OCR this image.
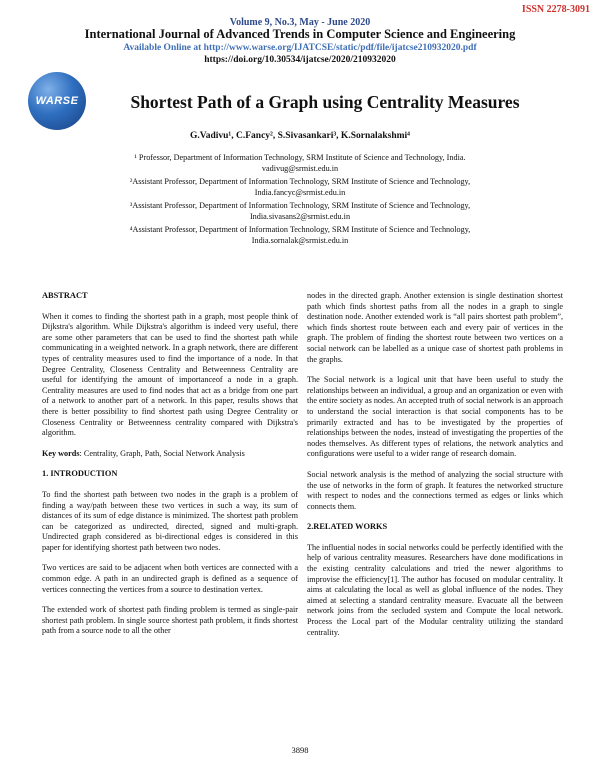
ISSN 2278-3091
Volume 9, No.3, May - June 2020
International Journal of Advanced Trends in Computer Science and Engineering
Available Online at http://www.warse.org/IJATCSE/static/pdf/file/ijatcse210932020.pdf
https://doi.org/10.30534/ijatcse/2020/210932020
WARSE	Shortest Path of a Graph using Centrality Measures
G.Vadivu¹, C.Fancy², S.Sivasankari³, K.Sornalakshmi⁴
¹ Professor, Department of Information Technology, SRM Institute of Science and Technology, India.
vadivug@srmist.edu.in
²Assistant Professor, Department of Information Technology, SRM Institute of Science and Technology,
India.fancyc@srmist.edu.in
³Assistant Professor, Department of Information Technology, SRM Institute of Science and Technology,
India.sivasans2@srmist.edu.in
⁴Assistant Professor, Department of Information Technology, SRM Institute of Science and Technology,
India.sornalak@srmist.edu.in
ABSTRACT

When it comes to finding the shortest path in a graph, most people think of Dijkstra's algorithm. While Dijkstra's algorithm is indeed very useful, there are some other parameters that can be used to find the shortest path while communicating in a weighted network. In a graph network, there are different types of centrality measures used to find the importance of a node. In that Degree Centrality, Closeness Centrality and Betweenness Centrality are useful for identifying the amount of importanceof a node in a graph. Centrality measures are used to find nodes that act as a bridge from one part of a network to another part of a network. In this paper, results shows that there is better possibility to find shortest path using Degree Centrality or Closeness Centrality or Betweenness centrality compared with Dijkstra's algorithm.

Key words: Centrality, Graph, Path, Social Network Analysis

1. INTRODUCTION

To find the shortest path between two nodes in the graph is a problem of finding a way/path between these two vertices in such a way, its sum of distances of its sum of edge distance is minimized. The shortest path problem can be categorized as undirected, directed, signed and multi-graph. Undirected graph considered as bi-directional edges is considered in this paper for identifying shortest path between two nodes.

Two vertices are said to be adjacent when both vertices are connected with a common edge. A path in an undirected graph is defined as a sequence of vertices connecting the vertices from a source to destination vertex.

The extended work of shortest path finding problem is termed as single-pair shortest path problem. In single source shortest path problem, it finds shortest path from a source node to all the other

nodes in the directed graph. Another extension is single destination shortest path which finds shortest paths from all the nodes in a graph to single destination node. Another extended work is “all pairs shortest path problem”, which finds shortest route between each and every pair of vertices in the graph. The problem of finding the shortest route between two vertices on a social network can be labelled as a unique case of shortest path problems in the graphs.

The Social network is a logical unit that have been useful to study the relationships between an individual, a group and an organization or even with the entire society as nodes. An accepted truth of social network is an approach to understand the social interaction is that social components has to be primarily extracted and has to be investigated by the properties of relationships between the nodes, instead of investigating the properties of the nodes themselves. As different types of relations, the network analytics and configurations were useful to a wider range of research domain.

Social network analysis is the method of analyzing the social structure with the use of networks in the form of graph. It features the networked structure with respect to nodes and the connections termed as edges or links which connects them.

2.RELATED WORKS

The influential nodes in social networks could be perfectly identified with the help of various centrality measures. Researchers have done modifications in the existing centrality calculations and tried the newer algorithms to improvise the efficiency[1]. The author has focused on modular centrality. It aims at calculating the local as well as global influence of the nodes. They aimed at selecting a standard centrality measure. Evacuate all the between network joins from the secluded system and Compute the local network. Process the Local part of the Modular centrality utilizing the standard centrality.

3898
